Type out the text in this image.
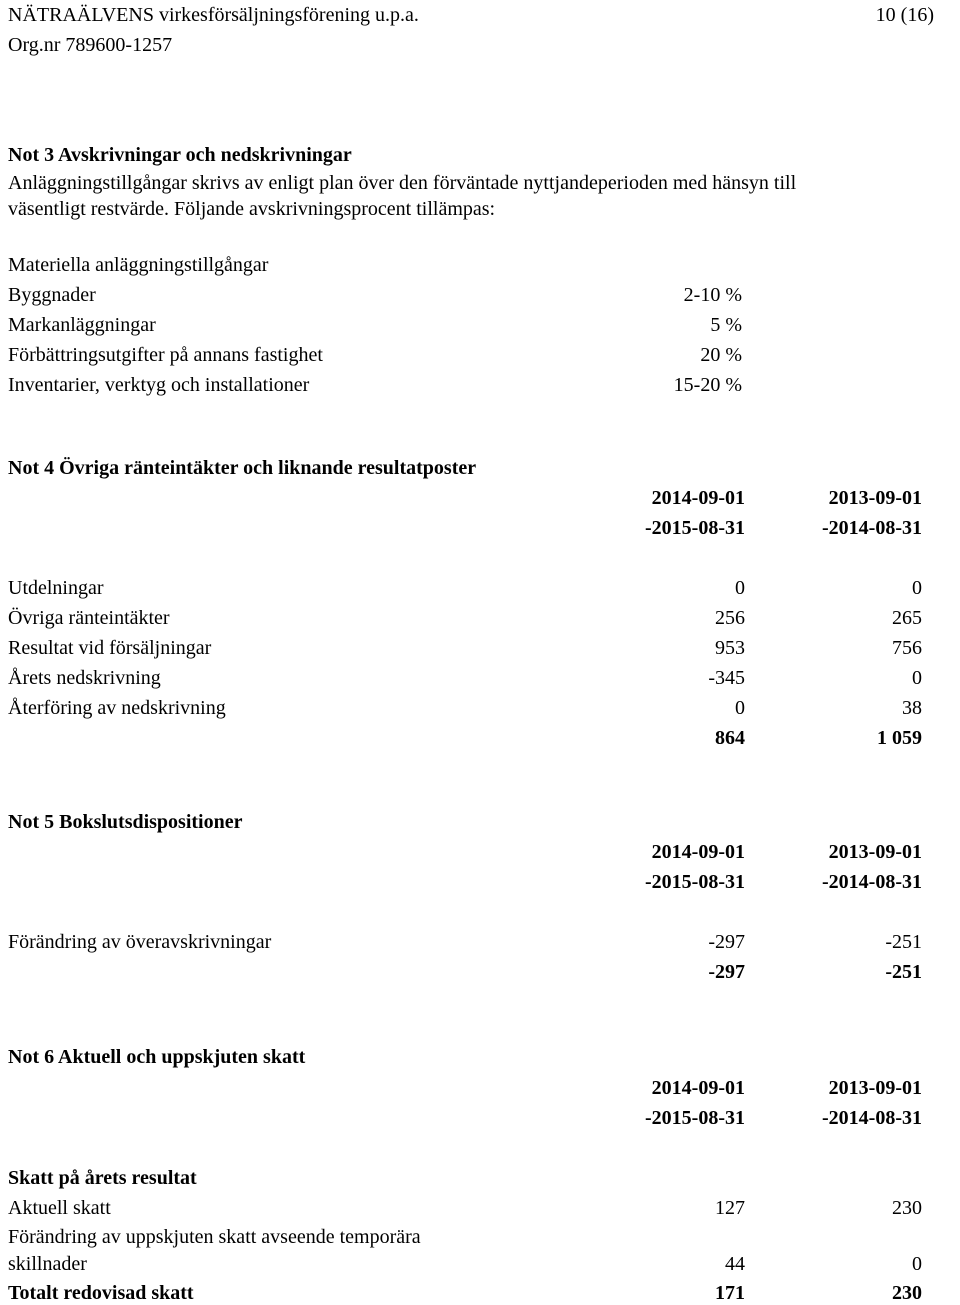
NÄTRAÄLVENS virkesförsäljningsförening u.p.a.	10 (16)
Org.nr 789600-1257
Not 3 Avskrivningar och nedskrivningar
Anläggningstillgångar skrivs av enligt plan över den förväntade nyttjandeperioden med hänsyn till
väsentligt restvärde. Följande avskrivningsprocent tillämpas:
Materiella anläggningstillgångar
Byggnader	2-10 %
Markanläggningar	5 %
Förbättringsutgifter på annans fastighet	20 %
Inventarier, verktyg och installationer	15-20 %
Not 4 Övriga ränteintäkter och liknande resultatposter
2014-09-01	2013-09-01
-2015-08-31	-2014-08-31
Utdelningar	0	0
Övriga ränteintäkter	256	265
Resultat vid försäljningar	953	756
Årets nedskrivning	-345	0
Återföring av nedskrivning	0	38
864	1 059
Not 5 Bokslutsdispositioner
2014-09-01	2013-09-01
-2015-08-31	-2014-08-31
Förändring av överavskrivningar	-297	-251
-297	-251
Not 6 Aktuell och uppskjuten skatt
2014-09-01	2013-09-01
-2015-08-31	-2014-08-31
Skatt på årets resultat
Aktuell skatt	127	230
Förändring av uppskjuten skatt avseende temporära
skillnader	44	0
Totalt redovisad skatt	171	230
